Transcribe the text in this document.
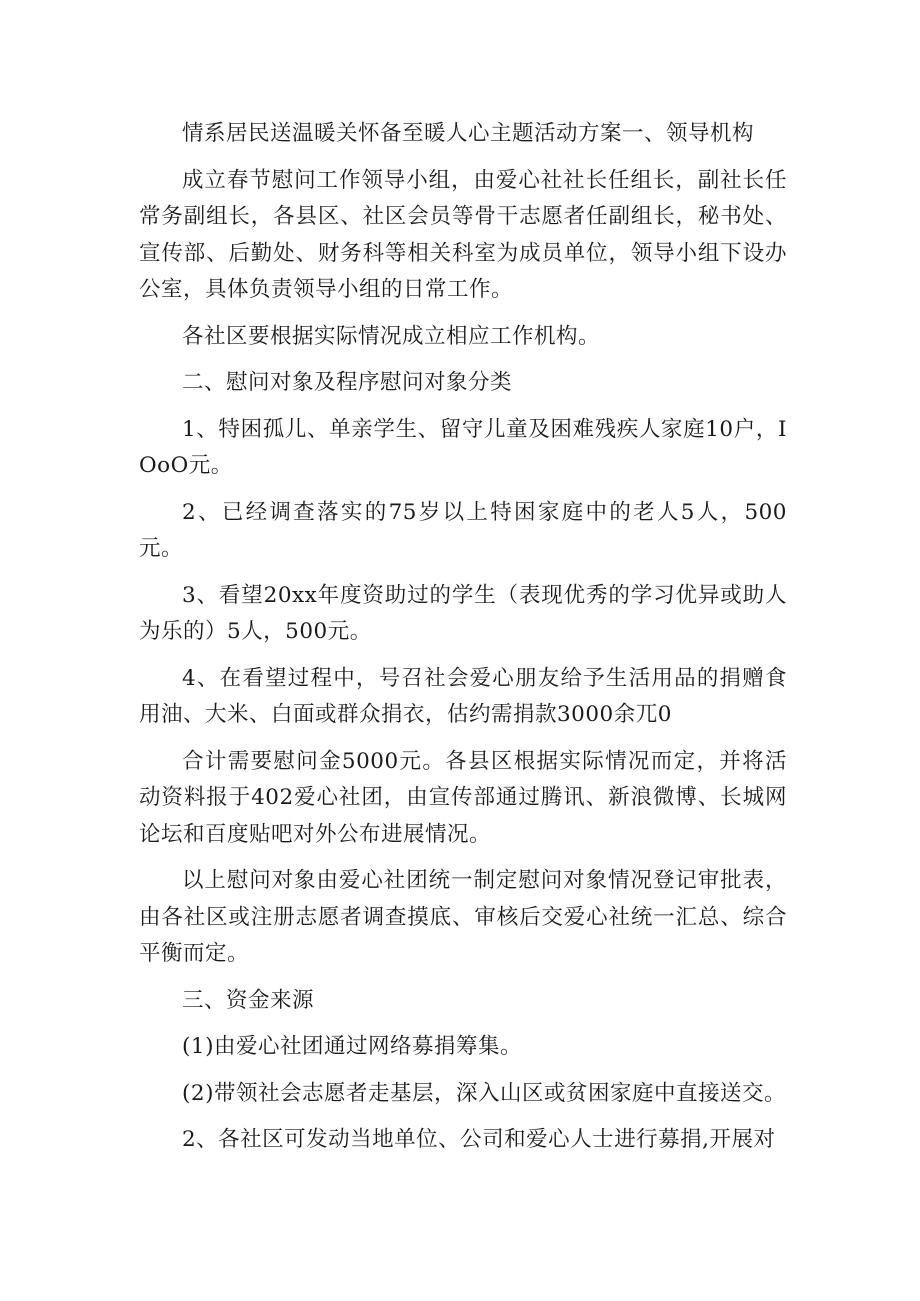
情系居民送温暖关怀备至暖人心主题活动方案一、领导机构

成立春节慰问工作领导小组，由爱心社社长任组长，副社长任常务副组长，各县区、社区会员等骨干志愿者任副组长，秘书处、宣传部、后勤处、财务科等相关科室为成员单位，领导小组下设办公室，具体负责领导小组的日常工作。

各社区要根据实际情况成立相应工作机构。

二、慰问对象及程序慰问对象分类

1、特困孤儿、单亲学生、留守儿童及困难残疾人家庭10户，IOoO元。

2、已经调查落实的75岁以上特困家庭中的老人5人，500元。

3、看望20xx年度资助过的学生（表现优秀的学习优异或助人为乐的）5人，500元。

4、在看望过程中，号召社会爱心朋友给予生活用品的捐赠食用油、大米、白面或群众捐衣，估约需捐款3000余兀0

合计需要慰问金5000元。各县区根据实际情况而定，并将活动资料报于402爱心社团，由宣传部通过腾讯、新浪微博、长城网论坛和百度贴吧对外公布进展情况。

以上慰问对象由爱心社团统一制定慰问对象情况登记审批表，由各社区或注册志愿者调查摸底、审核后交爱心社统一汇总、综合平衡而定。

三、资金来源

(1)由爱心社团通过网络募捐筹集。

(2)带领社会志愿者走基层，深入山区或贫困家庭中直接送交。

2、各社区可发动当地单位、公司和爱心人士进行募捐,开展对
